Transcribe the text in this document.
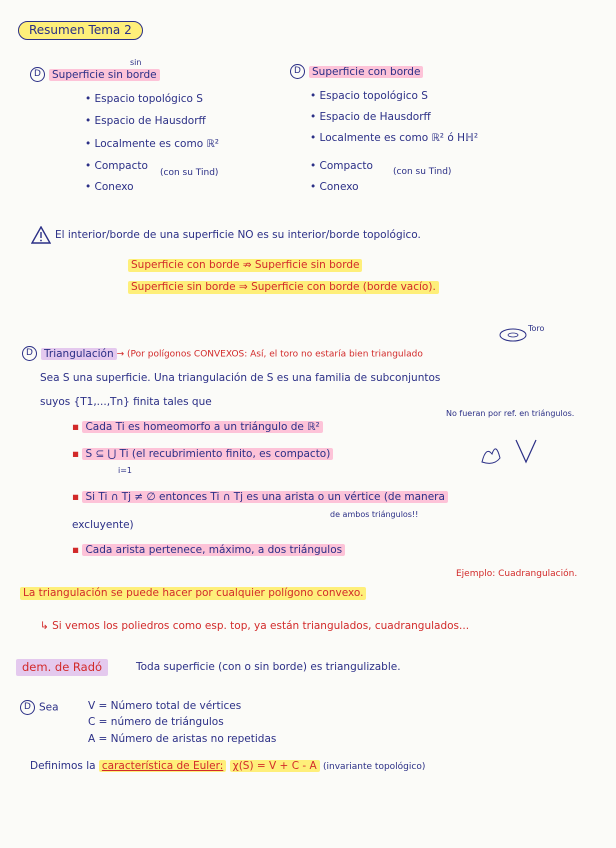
Resumen Tema 2
D Superficie sin borde
sin
• Espacio topológico S
• Espacio de Hausdorff
• Localmente es como ℝ²
• Compacto
(con su Tind)
• Conexo
D Superficie con borde
• Espacio topológico S
• Espacio de Hausdorff
• Localmente es como ℝ² ó Hℍ²
• Compacto (con su Tind)
• Conexo
El interior/borde de una superficie NO es su interior/borde topológico.
Superficie con borde ⇏ Superficie sin borde
Superficie sin borde ⇒ Superficie con borde (borde vacío).
D Triangulación → (Por polígonos CONVEXOS: Así, el toro no estaría bien triangulado
Toro
Sea S una superficie. Una triangulación de S es una familia de subconjuntos
suyos {T1,...,Tn} finita tales que
▪ Cada Ti es homeomorfo a un triángulo de ℝ²
No fueran por ref. en triángulos.
▪ S ⊆ ⋃ Ti (el recubrimiento finito, es compacto)
i=1
▪ Si Ti ∩ Tj ≠ ∅ entonces Ti ∩ Tj es una arista o un vértice (de manera
excluyente)
de ambos triángulos!!
▪ Cada arista pertenece, máximo, a dos triángulos
La triangulación se puede hacer por cualquier polígono convexo.
Ejemplo: Cuadrangulación.
↳ Si vemos los poliedros como esp. top, ya están triangulados, cuadrangulados...
dem. de Radó	Toda superficie (con o sin borde) es triangulizable.
D Sea	V = Número total de vértices
C = número de triángulos
A = Número de aristas no repetidas
Definimos la característica de Euler: χ(S) = V + C - A (invariante topológico)
